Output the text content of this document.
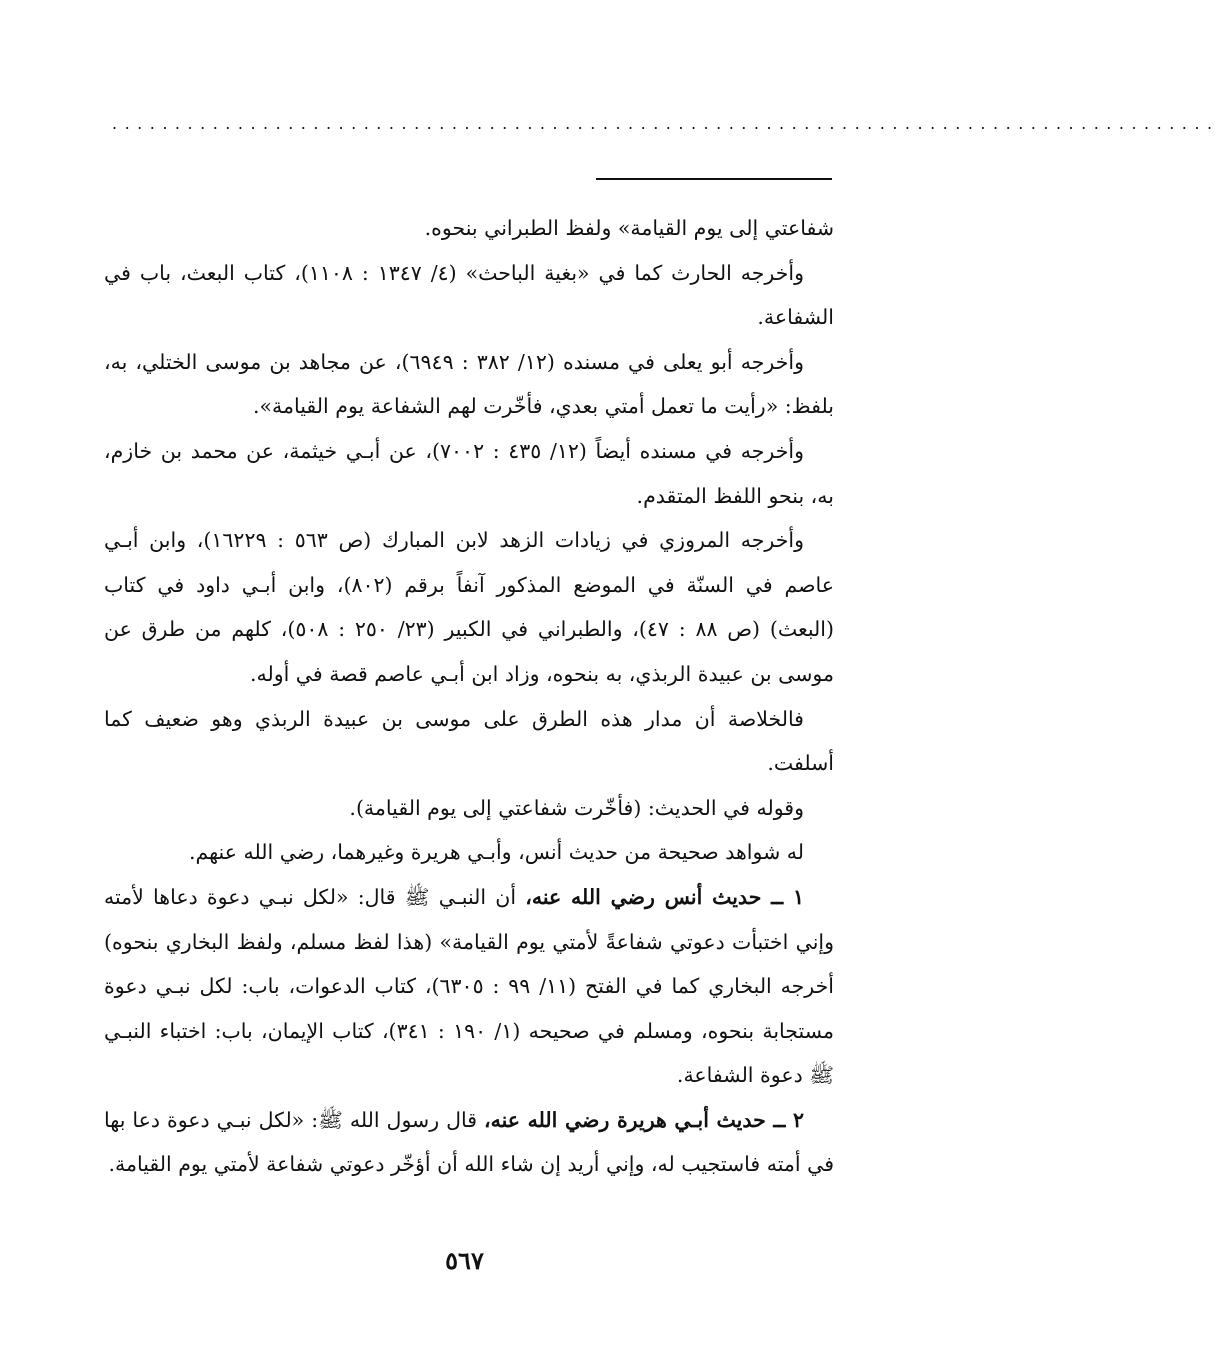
........................................................................................

شفاعتي إلى يوم القيامة» ولفظ الطبراني بنحوه.

وأخرجه الحارث كما في «بغية الباحث» (٤/ ١٣٤٧ : ١١٠٨)، كتاب البعث، باب في الشفاعة.

وأخرجه أبو يعلى في مسنده (١٢/ ٣٨٢ : ٦٩٤٩)، عن مجاهد بن موسى الختلي، به، بلفظ: «رأيت ما تعمل أمتي بعدي، فأخّرت لهم الشفاعة يوم القيامة».

وأخرجه في مسنده أيضاً (١٢/ ٤٣٥ : ٧٠٠٢)، عن أبـي خيثمة، عن محمد بن خازم، به، بنحو اللفظ المتقدم.

وأخرجه المروزي في زيادات الزهد لابن المبارك (ص ٥٦٣ : ١٦٢٢٩)، وابن أبـي عاصم في السنّة في الموضع المذكور آنفاً برقم (٨٠٢)، وابن أبـي داود في كتاب (البعث) (ص ٨٨ : ٤٧)، والطبراني في الكبير (٢٣/ ٢٥٠ : ٥٠٨)، كلهم من طرق عن موسى بن عبيدة الربذي، به بنحوه، وزاد ابن أبـي عاصم قصة في أوله.

فالخلاصة أن مدار هذه الطرق على موسى بن عبيدة الربذي وهو ضعيف كما أسلفت.

وقوله في الحديث: (فأخّرت شفاعتي إلى يوم القيامة).

له شواهد صحيحة من حديث أنس، وأبـي هريرة وغيرهما، رضي الله عنهم.

١ ــ حديث أنس رضي الله عنه، أن النبـي ﷺ قال: «لكل نبـي دعوة دعاها لأمته وإني اختبأت دعوتي شفاعةً لأمتي يوم القيامة» (هذا لفظ مسلم، ولفظ البخاري بنحوه) أخرجه البخاري كما في الفتح (١١/ ٩٩ : ٦٣٠٥)، كتاب الدعوات، باب: لكل نبـي دعوة مستجابة بنحوه، ومسلم في صحيحه (١/ ١٩٠ : ٣٤١)، كتاب الإيمان، باب: اختباء النبـي ﷺ دعوة الشفاعة.

٢ ــ حديث أبـي هريرة رضي الله عنه، قال رسول الله ﷺ: «لكل نبـي دعوة دعا بها في أمته فاستجيب له، وإني أريد إن شاء الله أن أؤخّر دعوتي شفاعة لأمتي يوم القيامة.

٥٦٧
